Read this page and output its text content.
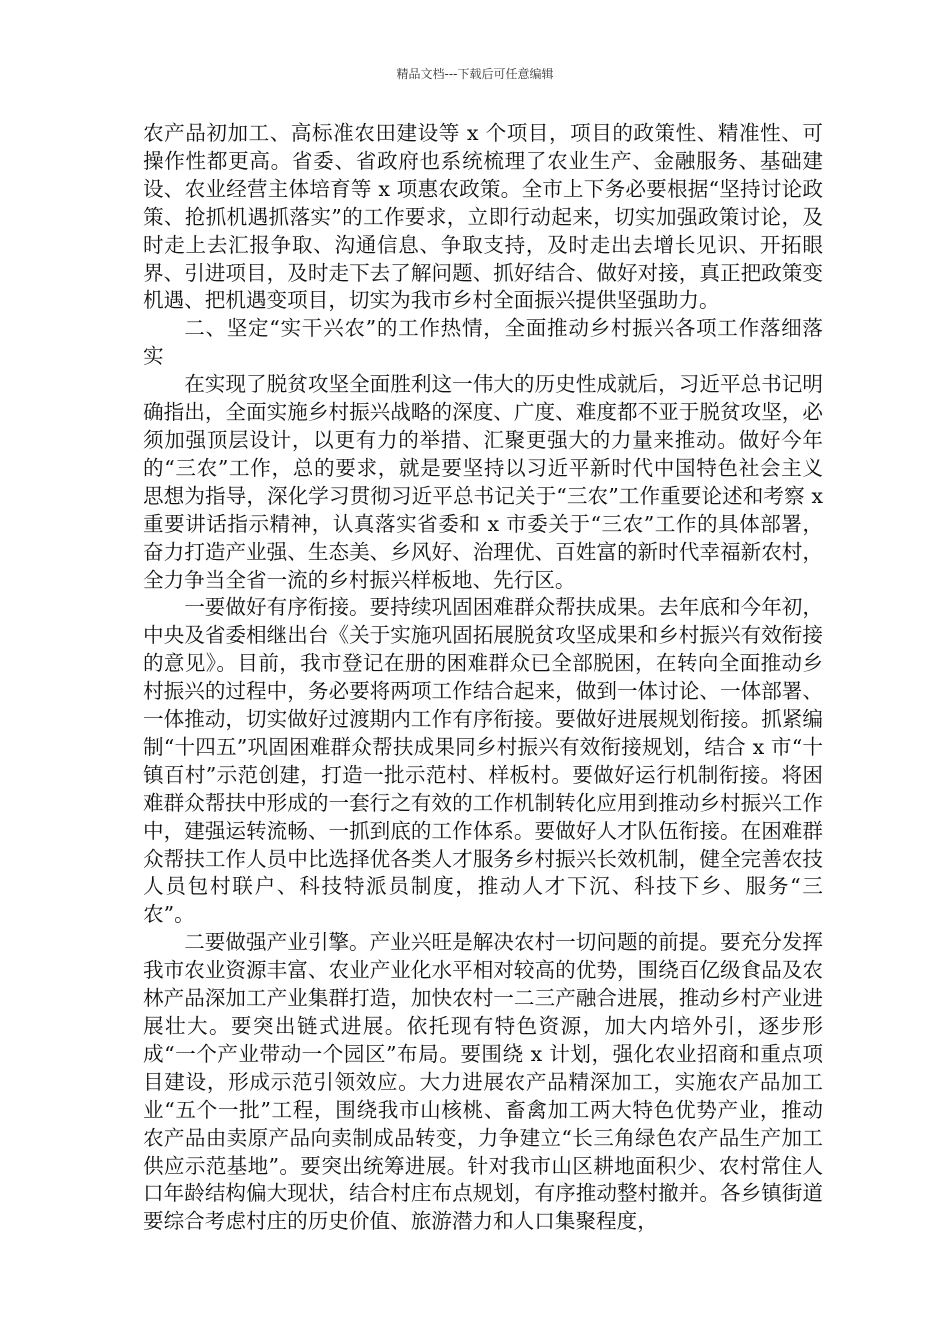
精品文档---下载后可任意编辑

农产品初加工、高标准农田建设等 x 个项目，项目的政策性、精准性、可操作性都更高。省委、省政府也系统梳理了农业生产、金融服务、基础建设、农业经营主体培育等 x 项惠农政策。全市上下务必要根据“坚持讨论政策、抢抓机遇抓落实”的工作要求，立即行动起来，切实加强政策讨论，及时走上去汇报争取、沟通信息、争取支持，及时走出去增长见识、开拓眼界、引进项目，及时走下去了解问题、抓好结合、做好对接，真正把政策变机遇、把机遇变项目，切实为我市乡村全面振兴提供坚强助力。

二、坚定“实干兴农”的工作热情，全面推动乡村振兴各项工作落细落实

在实现了脱贫攻坚全面胜利这一伟大的历史性成就后，习近平总书记明确指出，全面实施乡村振兴战略的深度、广度、难度都不亚于脱贫攻坚，必须加强顶层设计，以更有力的举措、汇聚更强大的力量来推动。做好今年的“三农”工作，总的要求，就是要坚持以习近平新时代中国特色社会主义思想为指导，深化学习贯彻习近平总书记关于“三农”工作重要论述和考察 x 重要讲话指示精神，认真落实省委和 x 市委关于“三农”工作的具体部署，奋力打造产业强、生态美、乡风好、治理优、百姓富的新时代幸福新农村，全力争当全省一流的乡村振兴样板地、先行区。

一要做好有序衔接。要持续巩固困难群众帮扶成果。去年底和今年初，中央及省委相继出台《关于实施巩固拓展脱贫攻坚成果和乡村振兴有效衔接的意见》。目前，我市登记在册的困难群众已全部脱困，在转向全面推动乡村振兴的过程中，务必要将两项工作结合起来，做到一体讨论、一体部署、一体推动，切实做好过渡期内工作有序衔接。要做好进展规划衔接。抓紧编制“十四五”巩固困难群众帮扶成果同乡村振兴有效衔接规划，结合 x 市“十镇百村”示范创建，打造一批示范村、样板村。要做好运行机制衔接。将困难群众帮扶中形成的一套行之有效的工作机制转化应用到推动乡村振兴工作中，建强运转流畅、一抓到底的工作体系。要做好人才队伍衔接。在困难群众帮扶工作人员中比选择优各类人才服务乡村振兴长效机制，健全完善农技人员包村联户、科技特派员制度，推动人才下沉、科技下乡、服务“三农”。

二要做强产业引擎。产业兴旺是解决农村一切问题的前提。要充分发挥我市农业资源丰富、农业产业化水平相对较高的优势，围绕百亿级食品及农林产品深加工产业集群打造，加快农村一二三产融合进展，推动乡村产业进展壮大。要突出链式进展。依托现有特色资源，加大内培外引，逐步形成“一个产业带动一个园区”布局。要围绕 x 计划，强化农业招商和重点项目建设，形成示范引领效应。大力进展农产品精深加工，实施农产品加工业“五个一批”工程，围绕我市山核桃、畜禽加工两大特色优势产业，推动农产品由卖原产品向卖制成品转变，力争建立“长三角绿色农产品生产加工供应示范基地”。要突出统筹进展。针对我市山区耕地面积少、农村常住人口年龄结构偏大现状，结合村庄布点规划，有序推动整村撤并。各乡镇街道要综合考虑村庄的历史价值、旅游潜力和人口集聚程度，
